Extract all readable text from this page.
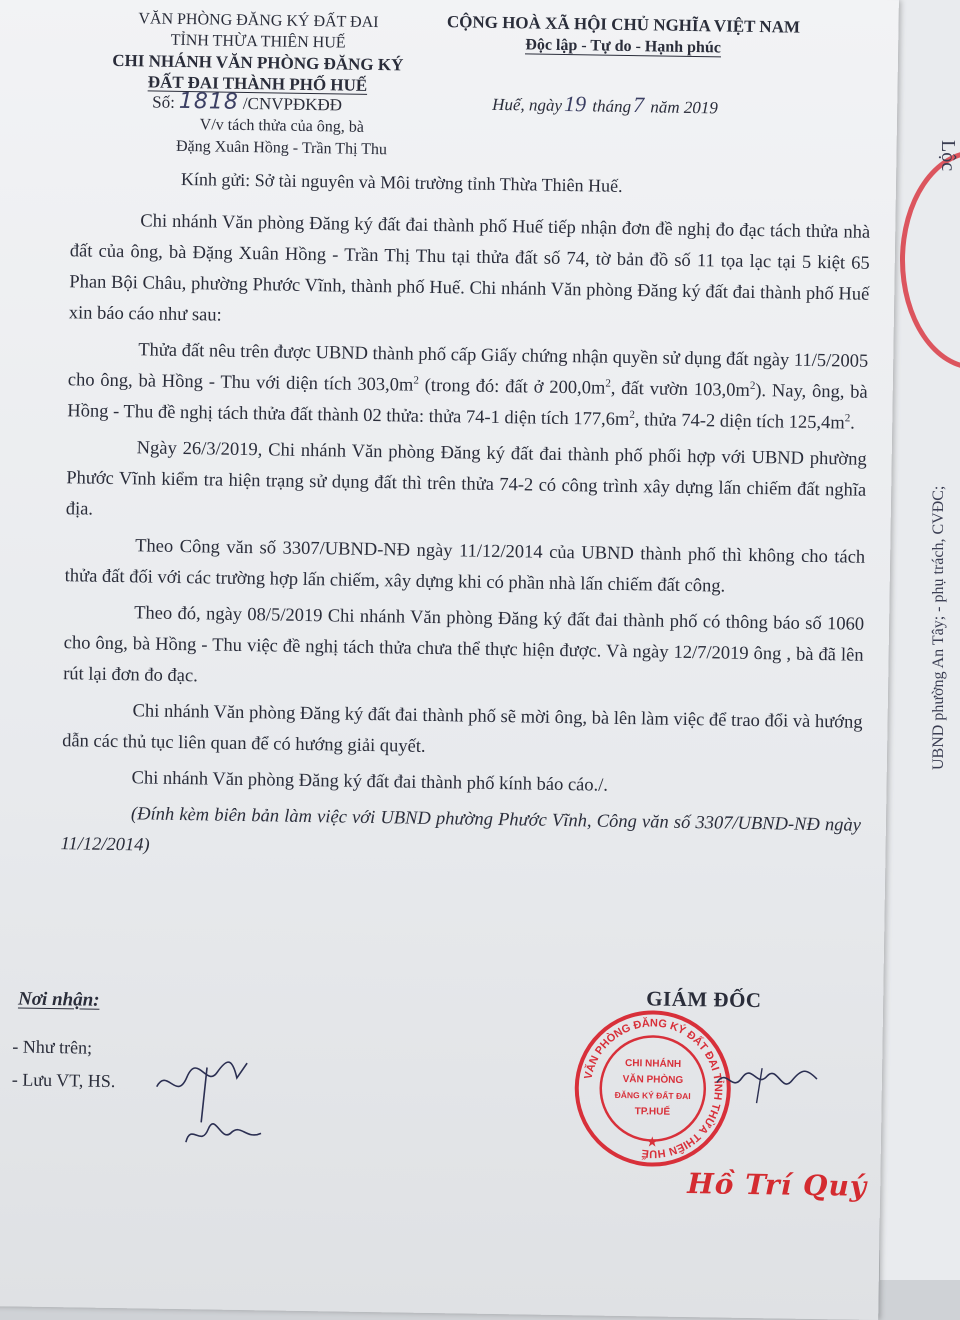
Lộc
UBND phường An Tây; - phụ trách, CVĐC;
VĂN PHÒNG ĐĂNG KÝ ĐẤT ĐAI
TỈNH THỪA THIÊN HUẾ
CHI NHÁNH VĂN PHÒNG ĐĂNG KÝ
ĐẤT ĐAI THÀNH PHỐ HUẾ
CỘNG HOÀ XÃ HỘI CHỦ NGHĨA VIỆT NAM
Độc lập - Tự do - Hạnh phúc
Số: 1818 /CNVPĐKĐĐ	Huế, ngày19 tháng7 năm 2019
V/v tách thửa của ông, bà
Đặng Xuân Hồng - Trần Thị Thu
Kính gửi: Sở tài nguyên và Môi trường tỉnh Thừa Thiên Huế.

Chi nhánh Văn phòng Đăng ký đất đai thành phố Huế tiếp nhận đơn đề nghị đo đạc tách thửa nhà đất của ông, bà Đặng Xuân Hồng - Trần Thị Thu tại thửa đất số 74, tờ bản đồ số 11 tọa lạc tại 5 kiệt 65 Phan Bội Châu, phường Phước Vĩnh, thành phố Huế. Chi nhánh Văn phòng Đăng ký đất đai thành phố Huế xin báo cáo như sau:

Thửa đất nêu trên được UBND thành phố cấp Giấy chứng nhận quyền sử dụng đất ngày 11/5/2005 cho ông, bà Hồng - Thu với diện tích $303,0m^2$ (trong đó: đất ở $200,0m^2$, đất vườn $103,0m^2$). Nay, ông, bà Hồng - Thu đề nghị tách thửa đất thành 02 thửa: thửa 74-1 diện tích $177,6m^2$, thửa 74-2 diện tích $125,4m^2$.

Ngày 26/3/2019, Chi nhánh Văn phòng Đăng ký đất đai thành phố phối hợp với UBND phường Phước Vĩnh kiểm tra hiện trạng sử dụng đất thì trên thửa 74-2 có công trình xây dựng lấn chiếm đất nghĩa địa.

Theo Công văn số 3307/UBND-NĐ ngày 11/12/2014 của UBND thành phố thì không cho tách thửa đất đối với các trường hợp lấn chiếm, xây dựng khi có phần nhà lấn chiếm đất công.

Theo đó, ngày 08/5/2019 Chi nhánh Văn phòng Đăng ký đất đai thành phố có thông báo số 1060 cho ông, bà Hồng - Thu việc đề nghị tách thửa chưa thể thực hiện được. Và ngày 12/7/2019 ông , bà đã lên rút lại đơn đo đạc.

Chi nhánh Văn phòng Đăng ký đất đai thành phố sẽ mời ông, bà lên làm việc để trao đổi và hướng dẫn các thủ tục liên quan để có hướng giải quyết.

Chi nhánh Văn phòng Đăng ký đất đai thành phố kính báo cáo./.

(Đính kèm biên bản làm việc với UBND phường Phước Vĩnh, Công văn số 3307/UBND-NĐ ngày 11/12/2014)

Nơi nhận:
- Như trên;
- Lưu VT, HS.
GIÁM ĐỐC
VĂN PHÒNG ĐĂNG KÝ ĐẤT ĐAI TỈNH THỪA THIÊN HUẾ
CHI NHÁNH
VĂN PHÒNG
ĐĂNG KÝ ĐẤT ĐAI
TP.HUẾ
★
Hồ Trí Quý
